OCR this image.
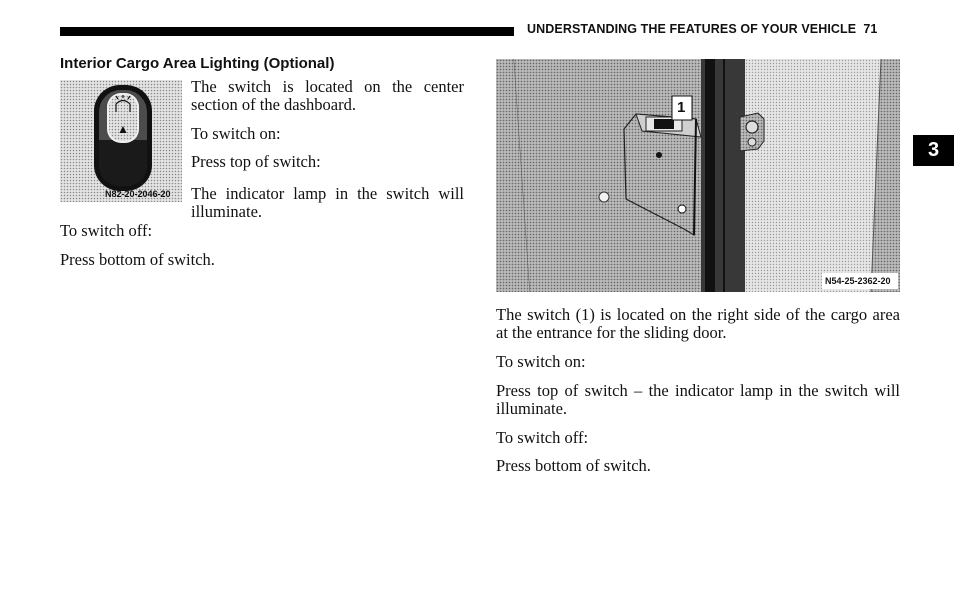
UNDERSTANDING THE FEATURES OF YOUR VEHICLE 71
3
Interior Cargo Area Lighting (Optional)
N82-20-2046-20

The switch is located on the center section of the dashboard.

To switch on:

Press top of switch:

The indicator lamp in the switch will illuminate.

To switch off:

Press bottom of switch.

1
N54-25-2362-20

The switch (1) is located on the right side of the cargo area at the entrance for the sliding door.

To switch on:

Press top of switch – the indicator lamp in the switch will illuminate.

To switch off:

Press bottom of switch.
